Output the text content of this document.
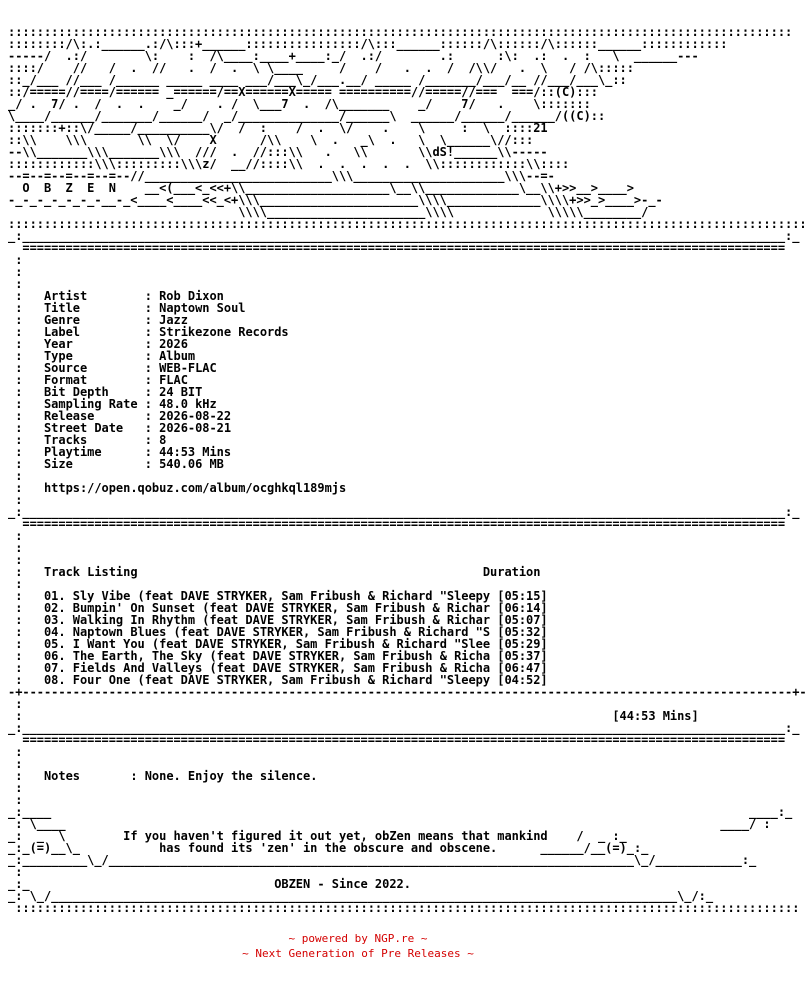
:::::::::::::::::::::::::::::::::::::::::::::::::::::::::::::::::::::::::::::::::::::::::::::::::::::::::::::
::::::::/\:.:______.:/\:::+______::::::::::::::::/\:::______::::::/\::::::/\::::::______::::::::::::
-----/  .:/        \:    :  /\____:____+____:_/  .:/        .:      :\:  .:  .  :   \  ______---
::::/    //   /  .  //   .  /  .  \ \____     /    /   .  .  /  /\\/   .  \   / /\:::::
::_/___ //___ /______ _____ ____ ___/___\_/___.__/ _____ /_______/___/__ //___/___\_::
::/=====//====/====== _======/==X======X===== ==========//=====//===  ===/::(C):::
_/ .  7/ .  /  .  .    _/    . /  \___7  .  /\_______    _/    7/   .    \:::::::
\____/______/_______/______/  _/______________/______\  ______/______/______/((C)::
:::::::+::\/_____/__________\/  /  :    /  .  \/    .    \     :  \  ::::21
::\\    \\\       \\  \/    X      /\\    \  .   _\  .   \  \______\//:::
--\\_______\\\_______\\\  ///  .  //:::\\   .   \\       \\dS!______\\-----
::::::::::::\\\:::::::::\\\z/  __//::::\\  .  .  .  .  .  \\::::::::::::\\::::
--=--=--=--=--=--//__________________________\\\_____________________\\\--=-
O  B  Z  E  N    __<(___<_<<+\\____________________\__\\_____________\__\\+>>__>____>
-_-_-_-_-_-_-__-_<____<____<<_<+\\\______________________\\\\_____________\\\\+>>_>____>-_-
\\\\______________________\\\\             \\\\\________/
:::::::::::::::::::::::::::::::::::::::::::::::::::::::::::::::::::::::::::::::::::::::::::::::::::::::::::::::
_:__________________________________________________________________________________________________________:_
==========================================================================================================
:
:
:
:   Artist        : Rob Dixon
:   Title         : Naptown Soul
:   Genre         : Jazz
:   Label         : Strikezone Records
:   Year          : 2026
:   Type          : Album
:   Source        : WEB-FLAC
:   Format        : FLAC
:   Bit Depth     : 24 BIT
:   Sampling Rate : 48.0 kHz
:   Release       : 2026-08-22
:   Street Date   : 2026-08-21
:   Tracks        : 8
:   Playtime      : 44:53 Mins
:   Size          : 540.06 MB
:
:   https://open.qobuz.com/album/ocghkql189mjs
:
_:__________________________________________________________________________________________________________:_
==========================================================================================================
:
:
:
:   Track Listing	Duration
:
:   01. Sly Vibe (feat DAVE STRYKER, Sam Fribush & Richard "Sleepy [05:15]
:   02. Bumpin' On Sunset (feat DAVE STRYKER, Sam Fribush & Richar [06:14]
:   03. Walking In Rhythm (feat DAVE STRYKER, Sam Fribush & Richar [05:07]
:   04. Naptown Blues (feat DAVE STRYKER, Sam Fribush & Richard "S [05:32]
:   05. I Want You (feat DAVE STRYKER, Sam Fribush & Richard "Slee [05:29]
:   06. The Earth, The Sky (feat DAVE STRYKER, Sam Fribush & Richa [05:37]
:   07. Fields And Valleys (feat DAVE STRYKER, Sam Fribush & Richa [06:47]
:   08. Four One (feat DAVE STRYKER, Sam Fribush & Richard "Sleepy [04:52]
-+-----------------------------------------------------------------------------------------------------------+-
:
:	[44:53 Mins]
_:__________________________________________________________________________________________________________:_
==========================================================================================================
:
:
:   Notes	: None. Enjoy the silence.
:
:
_:____                                                                                                 ____:_
: \____                                                                                           ____/ :
_:  _  \	If you haven't figured it out yet, obZen means that mankind    /  _ :_
_:_(=)__\_	has found its 'zen' in the obscure and obscene.	______/__(=)_:_
_:_________\_/_________________________________________________________________________\_/____________:_
:
_:_	OBZEN - Since 2022.
_: \_/_______________________________________________________________________________________\_/:_
:::::::::::::::::::::::::::::::::::::::::::::::::::::::::::::::::::::::::::::::::::::::::::::::::::::::::::::
~ powered by NGP.re ~
~ Next Generation of Pre Releases ~
